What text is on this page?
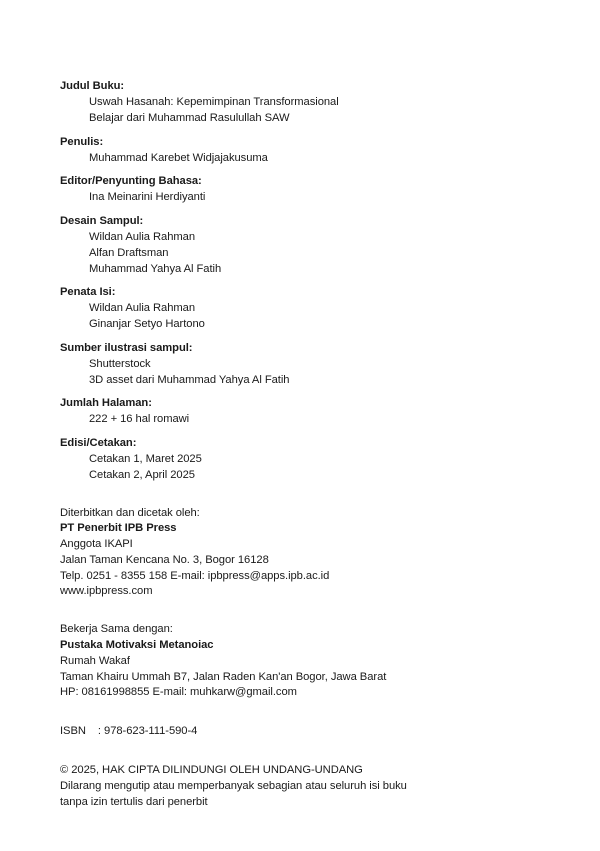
Judul Buku:
Uswah Hasanah: Kepemimpinan Transformasional
Belajar dari Muhammad Rasulullah SAW
Penulis:
Muhammad Karebet Widjajakusuma
Editor/Penyunting Bahasa:
Ina Meinarini Herdiyanti
Desain Sampul:
Wildan Aulia Rahman
Alfan Draftsman
Muhammad Yahya Al Fatih
Penata Isi:
Wildan Aulia Rahman
Ginanjar Setyo Hartono
Sumber ilustrasi sampul:
Shutterstock
3D asset dari Muhammad Yahya Al Fatih
Jumlah Halaman:
222 + 16 hal romawi
Edisi/Cetakan:
Cetakan 1, Maret 2025
Cetakan 2, April 2025
Diterbitkan dan dicetak oleh:
PT Penerbit IPB Press
Anggota IKAPI
Jalan Taman Kencana No. 3, Bogor 16128
Telp. 0251 - 8355 158 E-mail: ipbpress@apps.ipb.ac.id
www.ipbpress.com
Bekerja Sama dengan:
Pustaka Motivaksi Metanoiac
Rumah Wakaf
Taman Khairu Ummah B7, Jalan Raden Kan'an Bogor, Jawa Barat
HP: 08161998855 E-mail: muhkarw@gmail.com
ISBN : 978-623-111-590-4
© 2025, HAK CIPTA DILINDUNGI OLEH UNDANG-UNDANG
Dilarang mengutip atau memperbanyak sebagian atau seluruh isi buku
tanpa izin tertulis dari penerbit
